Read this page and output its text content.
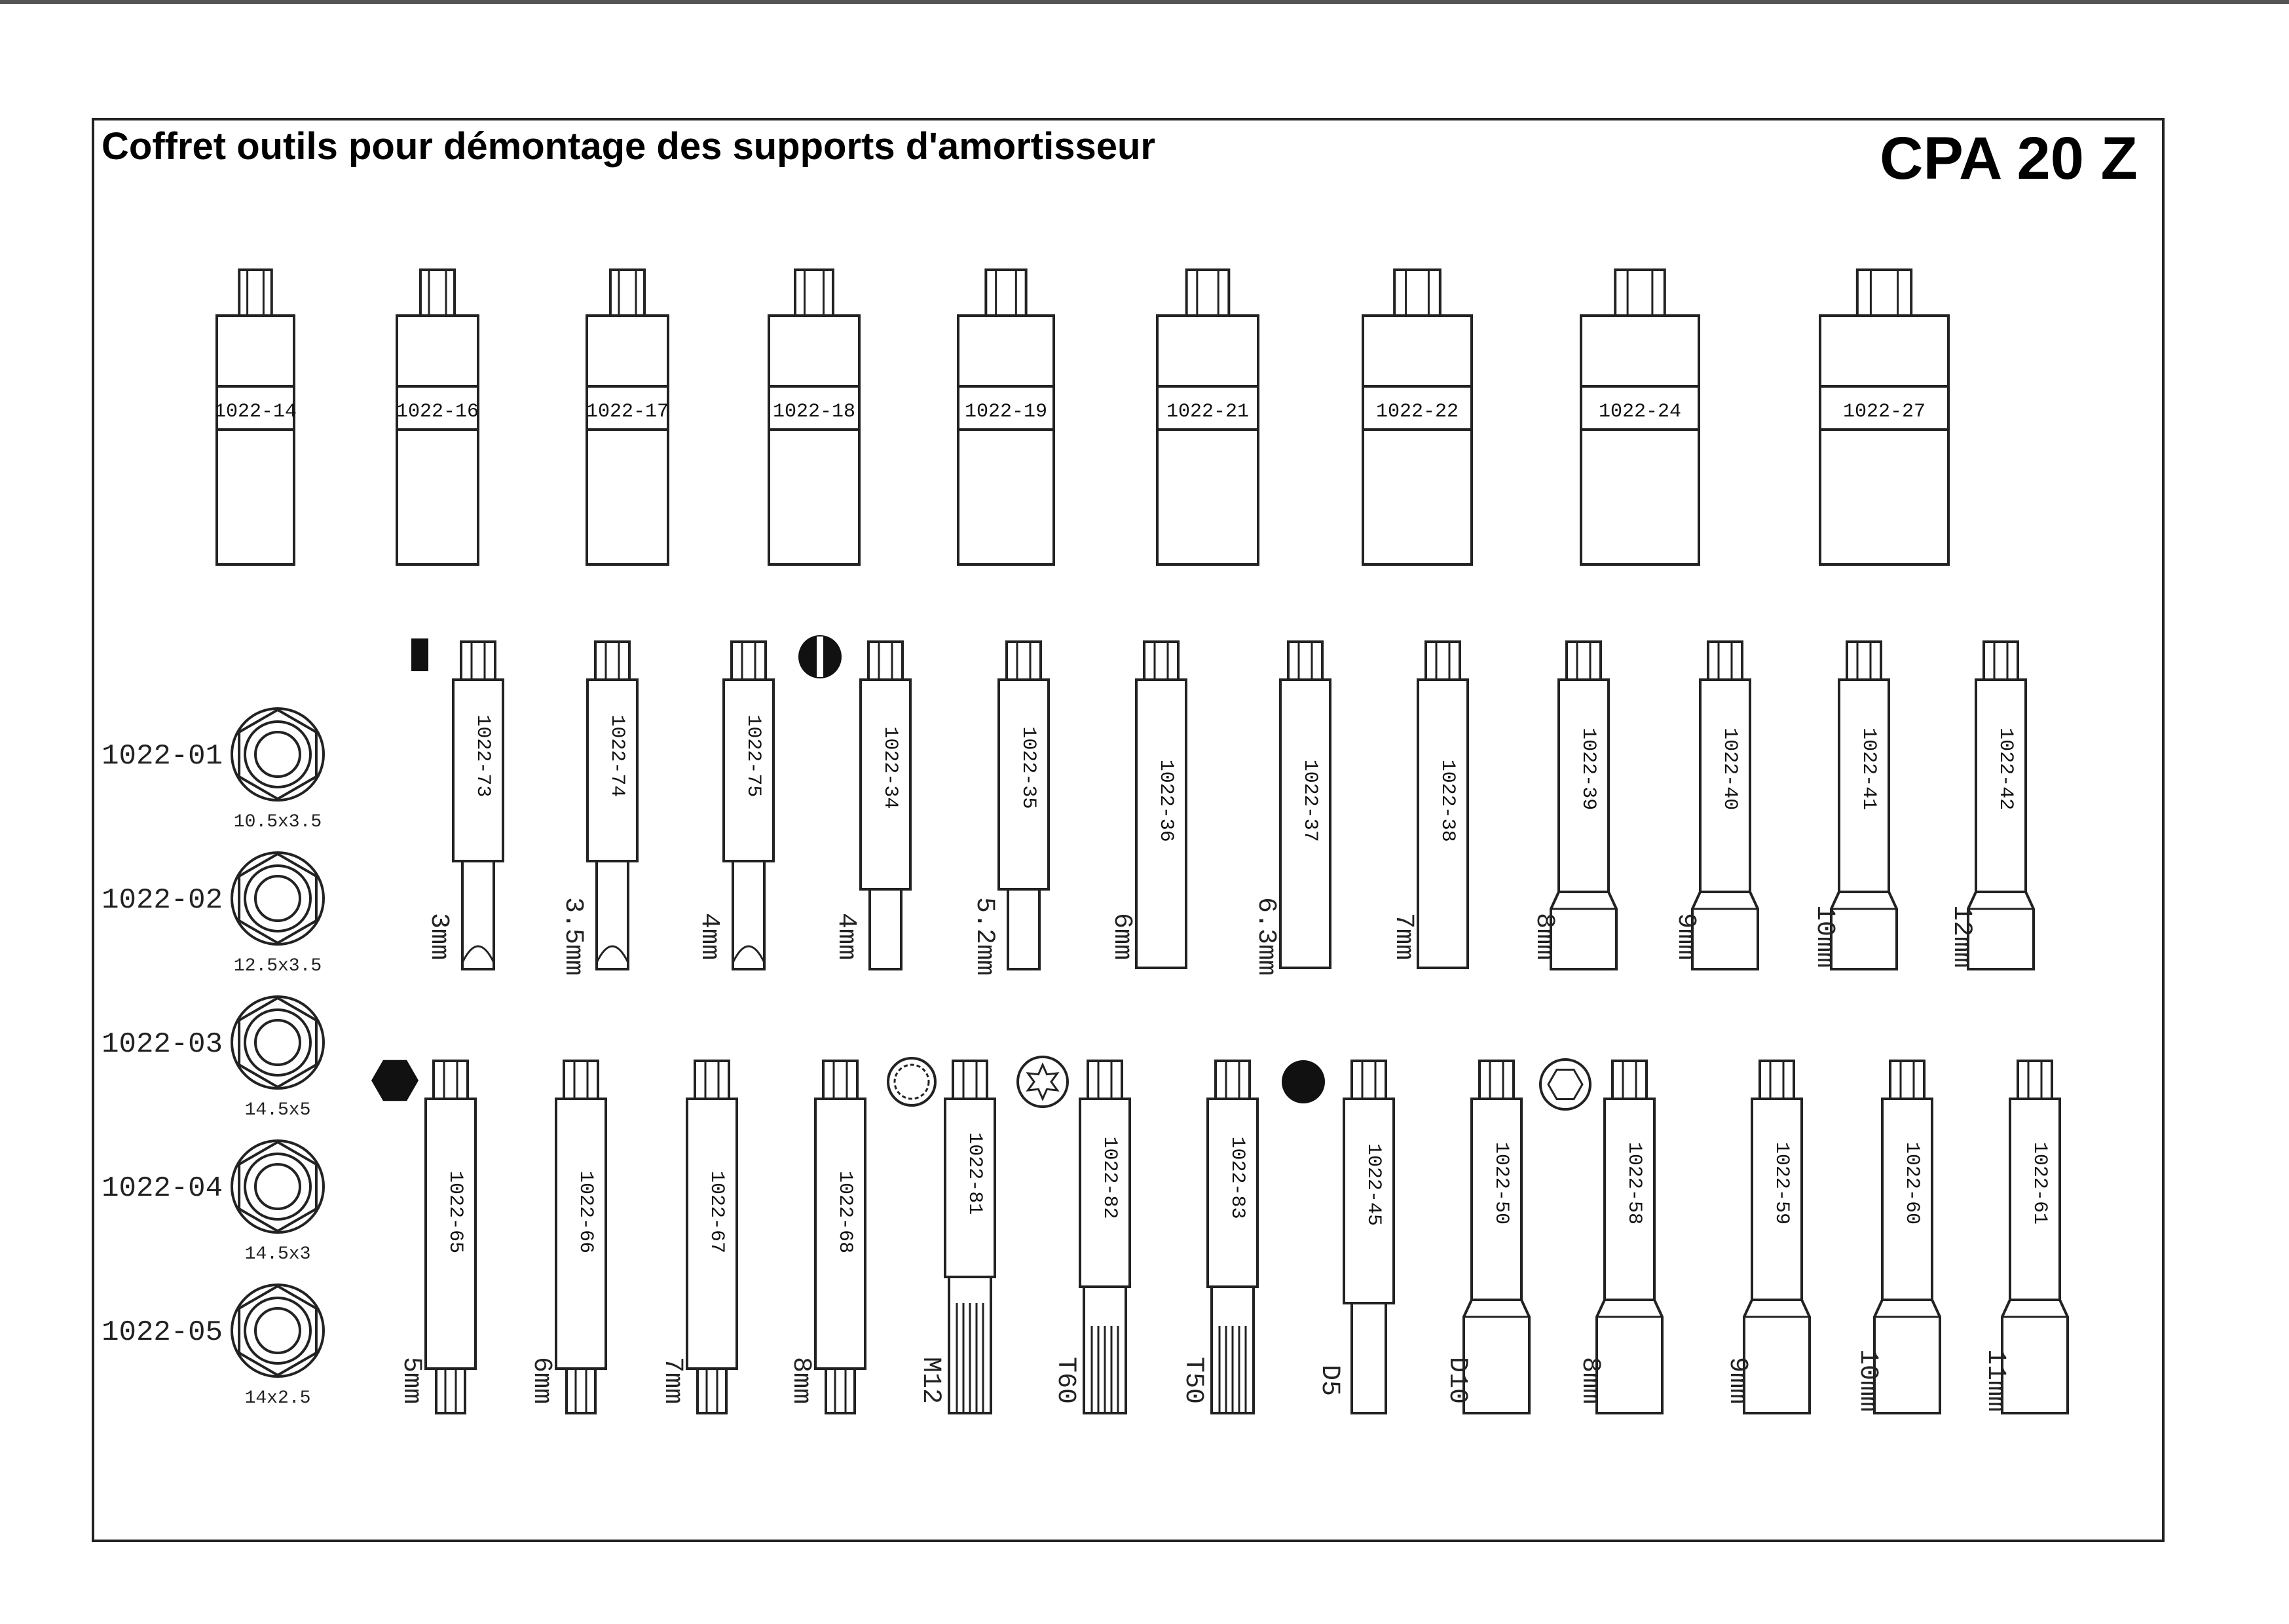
Coffret outils pour démontage des supports d'amortisseur	CPA 20 Z
1022-14	1022-16	1022-17	1022-18	1022-19	1022-21	1022-22	1022-24	1022-27
1022-01
10.5x3.5
1022-02
12.5x3.5
1022-03
14.5x5
1022-04
14.5x3
1022-05
14x2.5
1022-73
3mm
1022-74
3.5mm
1022-75
4mm
1022-34
4mm
1022-35
5.2mm
1022-36
6mm
1022-37
6.3mm
1022-38
7mm
1022-39
8mm
1022-40
9mm
1022-41
10mm
1022-42
12mm
1022-65
5mm
1022-66
6mm
1022-67
7mm
1022-68
8mm
1022-81
M12
1022-82
T60
1022-83
T50
1022-45
D5
1022-50
D10
1022-58
8mm
1022-59
9mm
1022-60
10mm
1022-61
11mm
